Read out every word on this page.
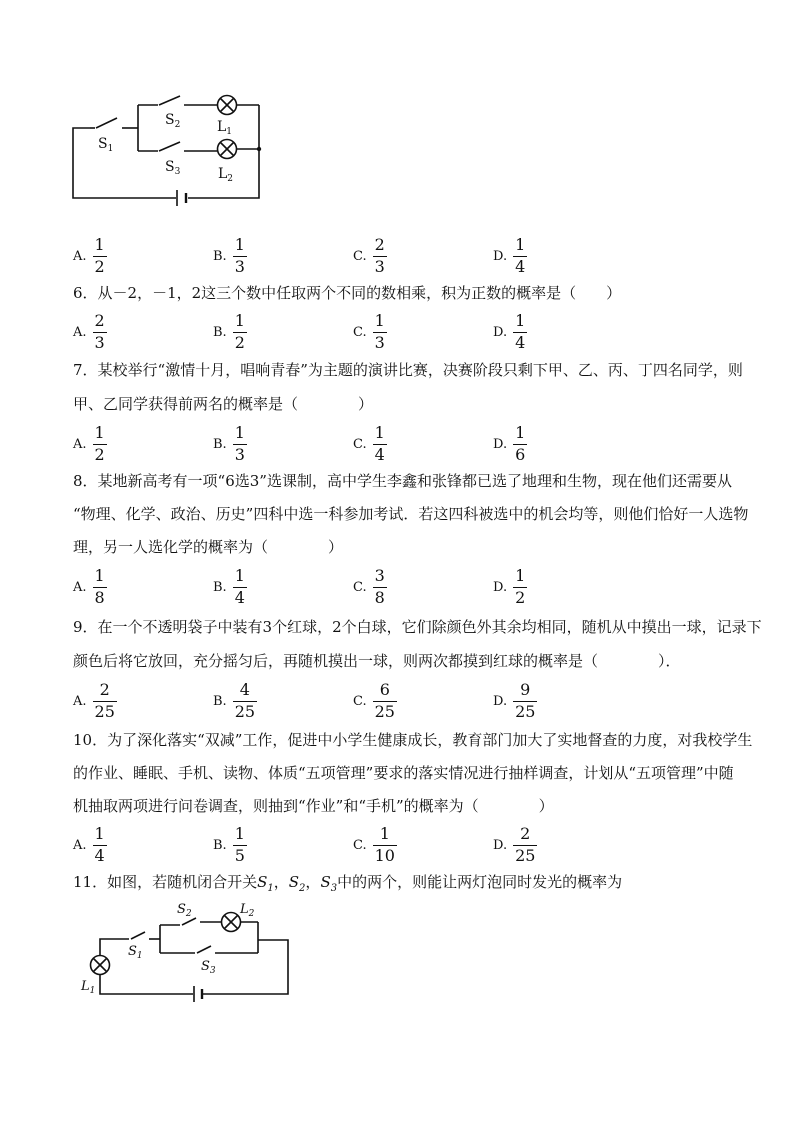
$S_1$
$S_2$	$L_1$
$S_3$	$L_2$
A. $\frac{1}{2}$	B. $\frac{1}{3}$	C. $\frac{2}{3}$	D. $\frac{1}{4}$
6．从－2，－1，2这三个数中任取两个不同的数相乘，积为正数的概率是（　　）
A. $\frac{2}{3}$	B. $\frac{1}{2}$	C. $\frac{1}{3}$	D. $\frac{1}{4}$
7．某校举行“激情十月，唱响青春”为主题的演讲比赛，决赛阶段只剩下甲、乙、丙、丁四名同学，则
甲、乙同学获得前两名的概率是（　　　　）
A. $\frac{1}{2}$	B. $\frac{1}{3}$	C. $\frac{1}{4}$	D. $\frac{1}{6}$
8．某地新高考有一项“6选3”选课制，高中学生李鑫和张锋都已选了地理和生物，现在他们还需要从
“物理、化学、政治、历史”四科中选一科参加考试．若这四科被选中的机会均等，则他们恰好一人选物
理，另一人选化学的概率为（　　　　）
A. $\frac{1}{8}$	B. $\frac{1}{4}$	C. $\frac{3}{8}$	D. $\frac{1}{2}$
9．在一个不透明袋子中装有3个红球，2个白球，它们除颜色外其余均相同，随机从中摸出一球，记录下
颜色后将它放回，充分摇匀后，再随机摸出一球，则两次都摸到红球的概率是（　　　　）．
A. $\frac{2}{25}$	B. $\frac{4}{25}$	C. $\frac{6}{25}$	D. $\frac{9}{25}$
10．为了深化落实“双减”工作，促进中小学生健康成长，教育部门加大了实地督查的力度，对我校学生
的作业、睡眠、手机、读物、体质“五项管理”要求的落实情况进行抽样调查，计划从“五项管理”中随
机抽取两项进行问卷调查，则抽到“作业”和“手机”的概率为（　　　　）
A. $\frac{1}{4}$	B. $\frac{1}{5}$	C. $\frac{1}{10}$	D. $\frac{2}{25}$
11．如图，若随机闭合开关$S_1$，$S_2$，$S_3$中的两个，则能让两灯泡同时发光的概率为
$S_2$	$L_2$
$S_1$
$S_3$
$L_1$
